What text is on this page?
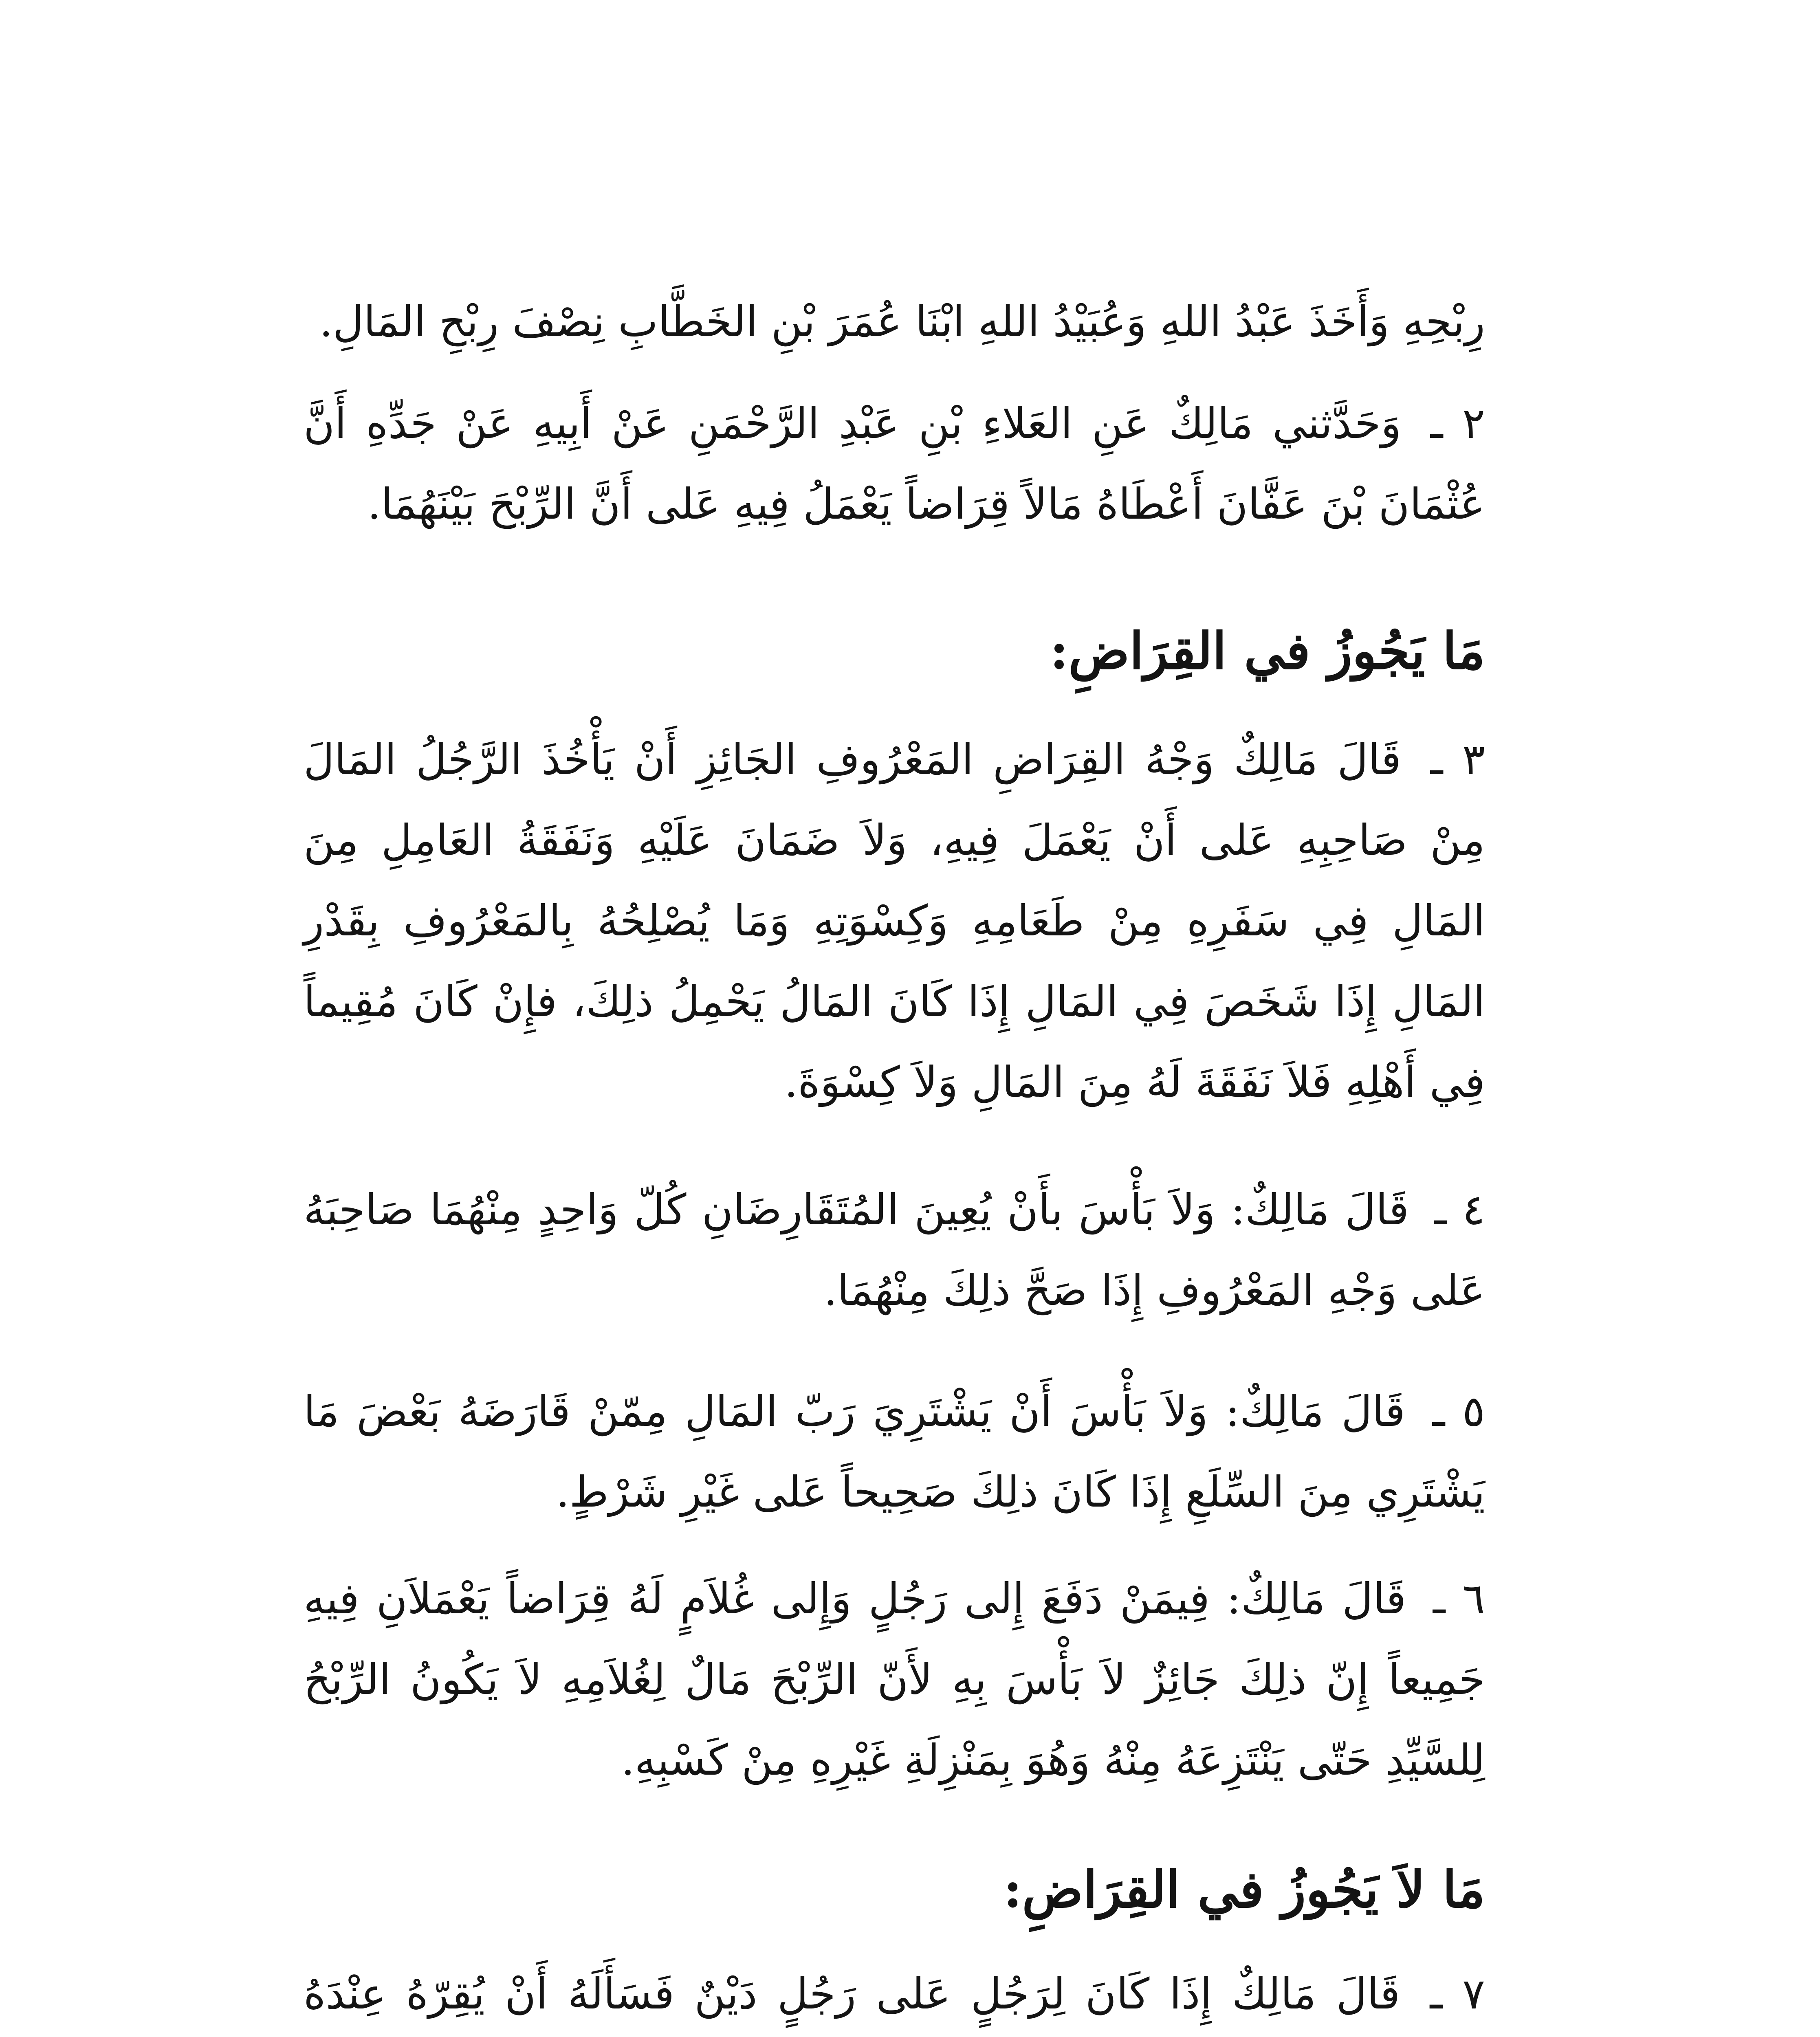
رِبْحِهِ وَأَخَذَ عَبْدُ اللهِ وَعُبَيْدُ اللهِ ابْنَا عُمَرَ بْنِ الخَطَّابِ نِصْفَ رِبْحِ المَالِ.

٢ ـ وَحَدَّثني مَالِكٌ عَنِ العَلاءِ بْنِ عَبْدِ الرَّحْمَنِ عَنْ أَبِيهِ عَنْ جَدِّهِ أَنَّ عُثْمَانَ بْنَ عَفَّانَ أَعْطَاهُ مَالاً قِرَاضاً يَعْمَلُ فِيهِ عَلى أَنَّ الرِّبْحَ بَيْنَهُمَا.

مَا يَجُوزُ في القِرَاضِ:

٣ ـ قَالَ مَالِكٌ وَجْهُ القِرَاضِ المَعْرُوفِ الجَائِزِ أَنْ يَأْخُذَ الرَّجُلُ المَالَ مِنْ صَاحِبِهِ عَلى أَنْ يَعْمَلَ فِيهِ، وَلاَ ضَمَانَ عَلَيْهِ وَنَفَقَةُ العَامِلِ مِنَ المَالِ فِي سَفَرِهِ مِنْ طَعَامِهِ وَكِسْوَتِهِ وَمَا يُصْلِحُهُ بِالمَعْرُوفِ بِقَدْرِ المَالِ إِذَا شَخَصَ فِي المَالِ إِذَا كَانَ المَالُ يَحْمِلُ ذلِكَ، فإِنْ كَانَ مُقِيماً فِي أَهْلِهِ فَلاَ نَفَقَةَ لَهُ مِنَ المَالِ وَلاَ كِسْوَةَ.

٤ ـ قَالَ مَالِكٌ: وَلاَ بَأْسَ بأَنْ يُعِينَ المُتَقَارِضَانِ كُلّ وَاحِدٍ مِنْهُمَا صَاحِبَهُ عَلى وَجْهِ المَعْرُوفِ إِذَا صَحَّ ذلِكَ مِنْهُمَا.

٥ ـ قَالَ مَالِكٌ: وَلاَ بَأْسَ أَنْ يَشْتَرِيَ رَبّ المَالِ مِمّنْ قَارَضَهُ بَعْضَ مَا يَشْتَرِي مِنَ السِّلَعِ إِذَا كَانَ ذلِكَ صَحِيحاً عَلى غَيْرِ شَرْطٍ.

٦ ـ قَالَ مَالِكٌ: فِيمَنْ دَفَعَ إِلى رَجُلٍ وَإِلى غُلاَمٍ لَهُ قِرَاضاً يَعْمَلاَنِ فِيهِ جَمِيعاً إِنّ ذلِكَ جَائِزٌ لاَ بَأْسَ بِهِ لأَنّ الرِّبْحَ مَالٌ لِغُلاَمِهِ لاَ يَكُونُ الرِّبْحُ لِلسَّيِّدِ حَتّى يَنْتَزِعَهُ مِنْهُ وَهُوَ بِمَنْزِلَةِ غَيْرِهِ مِنْ كَسْبِهِ.

مَا لاَ يَجُوزُ في القِرَاضِ:

٧ ـ قَالَ مَالِكٌ إِذَا كَانَ لِرَجُلٍ عَلى رَجُلٍ دَيْنٌ فَسَأَلَهُ أَنْ يُقِرّهُ عِنْدَهُ
